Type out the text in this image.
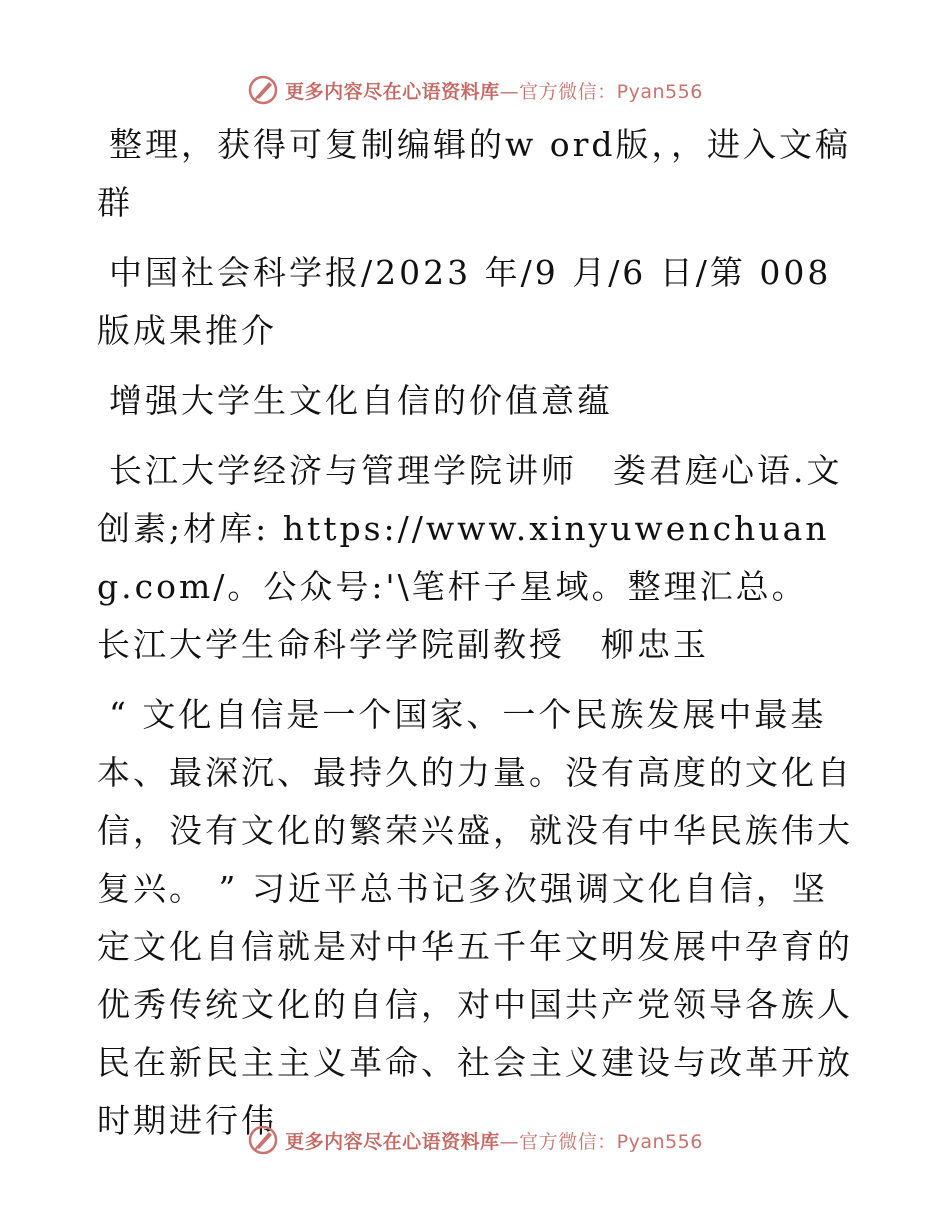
更多内容尽在心语资料库—官方微信：Pyan556

整理，获得可复制编辑的w ord版，，进入文稿群

中国社会科学报/2023 年/9 月/6 日/第 008 版成果推介

增强大学生文化自信的价值意蕴

长江大学经济与管理学院讲师　娄君庭心语.文创素;材库: https://www.xinyuwenchuang.com/。公众号:'\笔杆子星域。整理汇总。　长江大学生命科学学院副教授　柳忠玉

“ 文化自信是一个国家、一个民族发展中最基本、最深沉、最持久的力量。没有高度的文化自信，没有文化的繁荣兴盛，就没有中华民族伟大复兴。 ” 习近平总书记多次强调文化自信，坚定文化自信就是对中华五千年文明发展中孕育的优秀传统文化的自信，对中国共产党领导各族人民在新民主主义革命、社会主义建设与改革开放时期进行伟

更多内容尽在心语资料库—官方微信：Pyan556
